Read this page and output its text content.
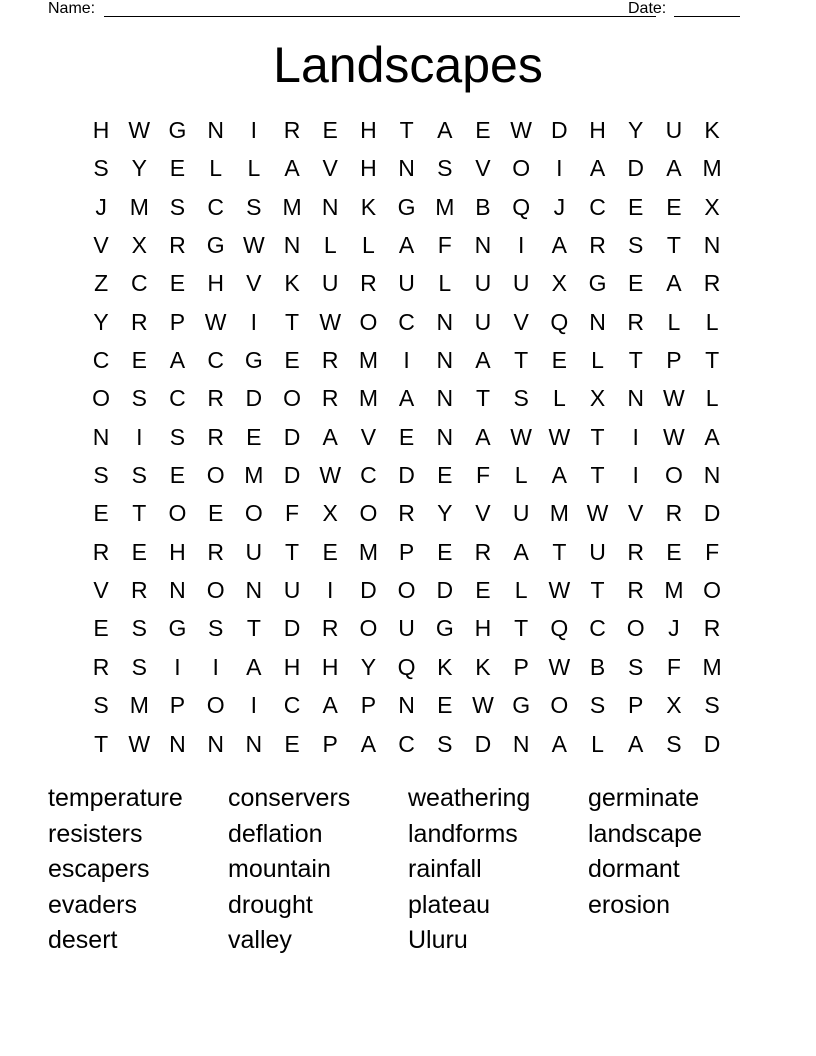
Name:	Date:
Landscapes
H W G N	I	R E H T	A E W D H Y U K
S Y E	L	L	A V H N S V O	I	A D A M
J M S C S M N K G M B Q	J	C E E X
V X R G W N	L	L	A	F N	I	A R S	T N
Z C E H V K U R U	L	U U X G E A R
Y R P W	I	T W O C N U V Q N R	L	L
C E A C G E R M	I	N A	T	E	L	T	P	T
O S C R D O R M A N T	S	L	X N W L
N	I	S R E D A V E N A W W T	I	W A
S S E O M D W C D E	F	L	A	T	I	O N
E	T O E O F	X O R Y V U M W V R D
R E H R U T	E M P E R A	T U R E	F
V R N O N U	I	D O D E	L W T R M O
E S G S	T D R O U G H T Q C O	J	R
R S	I	I	A H H Y Q K K P W B S	F M
S M P O	I	C A P N E W G O S P X S
T W N N N E P A C S D N A	L	A S D
temperature	conservers	weathering	germinate
resisters	deflation	landforms	landscape
escapers	mountain	rainfall	dormant
evaders	drought	plateau	erosion
desert	valley	Uluru
